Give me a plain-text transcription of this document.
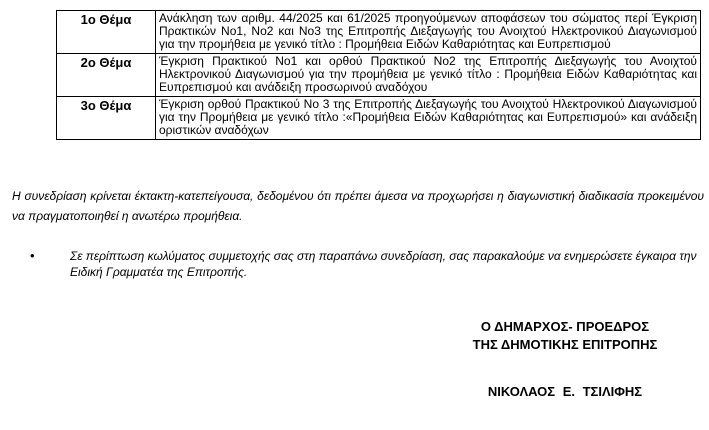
1ο Θέμα	Ανάκληση των αριθμ. 44/2025 και 61/2025 προηγούμενων αποφάσεων του σώματος περί Έγκριση Πρακτικών Νο1, Νο2 και Νο3 της Επιτροπής Διεξαγωγής του Ανοιχτού Ηλεκτρονικού Διαγωνισμού για την προμήθεια με γενικό τίτλο : Προμήθεια Ειδών Καθαριότητας και Ευπρεπισμού
2ο Θέμα	Έγκριση Πρακτικού Νο1 και ορθού Πρακτικού Νο2 της Επιτροπής Διεξαγωγής του Ανοιχτού Ηλεκτρονικού Διαγωνισμού για την προμήθεια με γενικό τίτλο : Προμήθεια Ειδών Καθαριότητας και Ευπρεπισμού και ανάδειξη προσωρινού αναδόχου
3ο Θέμα	Έγκριση ορθού Πρακτικού Νο 3 της Επιτροπής Διεξαγωγής του Ανοιχτού Ηλεκτρονικού Διαγωνισμού για την Προμήθεια με γενικό τίτλο :«Προμήθεια Ειδών Καθαριότητας και Ευπρεπισμού» και ανάδειξη οριστικών αναδόχων
Η συνεδρίαση κρίνεται έκτακτη-κατεπείγουσα, δεδομένου ότι πρέπει άμεσα να προχωρήσει η διαγωνιστική διαδικασία προκειμένου να πραγματοποιηθεί η ανωτέρω προμήθεια.
•	Σε περίπτωση κωλύματος συμμετοχής σας στη παραπάνω συνεδρίαση, σας παρακαλούμε να ενημερώσετε έγκαιρα την Ειδική Γραμματέα της Επιτροπής.
Ο ΔΗΜΑΡΧΟΣ- ΠΡΟΕΔΡΟΣ
ΤΗΣ ΔΗΜΟΤΙΚΗΣ ΕΠΙΤΡΟΠΗΣ
ΝΙΚΟΛΑΟΣ Ε. ΤΣΙΛΙΦΗΣ
